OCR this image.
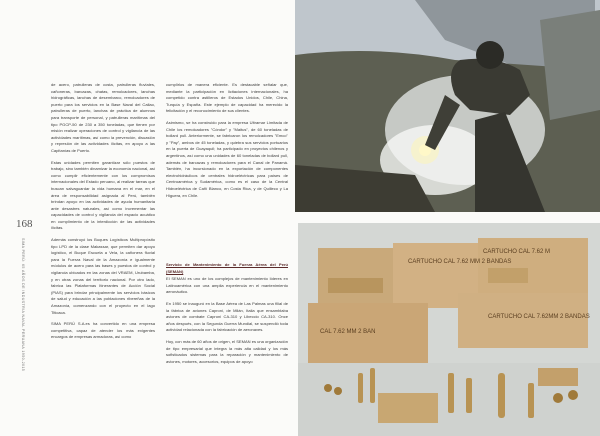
168
SIMA PERÚ: 65 AÑOS DE INDUSTRIA NAVAL PERUANA 1950-2015

de acero, patrulleras de costa, patrulleras fluviales, cañoneras, barcazas, chatas, remolcadores, lanchas hidrográficas, lanchas de desembarco, remolcadores de puerto para los servicios en la Base Naval del Callao, patrulleras de puerto, lanchas de práctica de alumnos para transporte de personal, y patrulleras marítimas del tipo PGCP-50 de 230 a 350 toneladas, que tienen por misión realizar operaciones de control y vigilancia de las actividades marítimas, así como la prevención, disuasión y represión de las actividades ilícitas, en apoyo a las Capitanías de Puerto.

Estas unidades permiten garantizar sólo puestos de trabajo, sino también dinamizar la economía nacional, así como cumplir eficientemente con los compromisos internacionales del Estado peruano, al realizar tareas que buscan salvaguardar la vida humana en el mar, en el área de responsabilidad asignada al Perú, también brindan apoyo en las actividades de ayuda humanitaria ante desastres naturales, así como incrementar las capacidades de control y vigilancia del espacio acuático en cumplimiento de la interdicción de las actividades ilícitas.

Además construyó los Buques Logísticos Multipropósito tipo LPD de la clase Makassar, que permiten dar apoyo logístico, el Buque Escuela a Vela, la cañonera fluvial para la Fuerza Naval de la Amazonía e igualmente módulos de acero para las bases y puestos de control y vigilancia ubicados en las zonas del VRAEM, Urubamba, y en otras zonas del territorio nacional. Por otro lado, fabrica las Plataformas Itinerantes de Acción Social (PIAS) para brindar principalmente los servicios básicos de salud y educación a las poblaciones ribereñas de la Amazonía, comenzando con el proyecto en el lago Titicaca.

SIMA PERÚ S.A.es ha convertido en una empresa competitiva, capaz de atender los más exigentes encargos de empresas armadoras, así como

cumplirlos de manera eficiente. Es destacable señalar que, mediante la participación en licitaciones internacionales, ha competido contra astilleros de Estados Unidos, Chile, China, Turquía y España. Este ejemplo de capacidad ha merecido la felicitación y el reconocimiento de sus clientes.

Asimismo, se ha construido para la empresa Ultramar Limitada de Chile los remolcadores "Cóndor" y "Maitus", de 60 toneladas de bollard pull. Anteriormente, se fabricaron los remolcadores "Emco" y "Pay", ambos de 45 toneladas, y quiebra sus servicios portuarios en la puerta de Guayaquil; ha participado en proyectos chilenos y argentinos, así como una unidades de 60 toneladas de bollard pull, además de barcazas y remolcadores para el Canal de Panamá. También, ha incursionado en la exportación de componentes electrohidráulicos de centrales hidroeléctricas para países de Centroamérica y Sudamérica, como es el caso de la Central Hidroeléctrica de Cañí Blanco, en Costa Rica, y de Quilleco y La Higuera, en Chile.

Servicio de Mantenimiento de la Fuerza Aérea del Perú (SEMAN)

El SEMAN es uno de los complejos de mantenimiento líderes en Latinoamérica con una amplia experiencia en el mantenimiento aeronáutico.

En 1950 se inauguró en la Base Aérea de Las Palmas una filial de la fábrica de aviones Caproni, de Milán, Italia que ensamblaba aviones de combate Caproni CA-310 y Libeccio CA-310. Once años después, con la Segunda Guerra Mundial, se suspendió toda actividad relacionada con la fabricación de aeronaves.

Hoy, con más de 60 años de origen, el SEMAN es una organización de tipo empresarial que integra la más alta calidad y los más sofisticados sistemas para la reparación y mantenimiento de aviones, motores, accesorios, equipos de apoyo

CARTUCHO CAL 7.62 MM 2 BANDAS
CARTUCHO CAL 7.62MM 2 BANDAS
CAL 7.62 MM 2 BAN
CARTUCHO CAL 7.62 M
